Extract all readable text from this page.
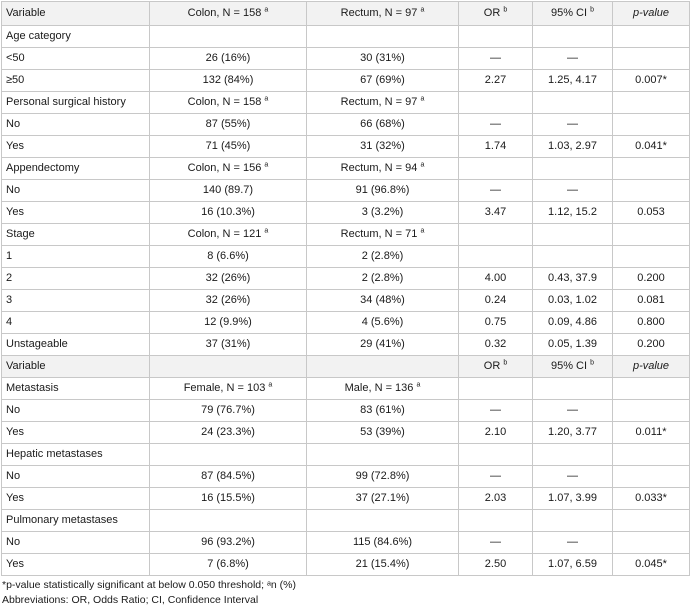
Variable	Colon, N = 158 $^a$	Rectum, N = 97 $^a$	OR $^b$	95% CI $^b$	p-value
Age category					
<50	26 (16%)	30 (31%)	—	—	
≥50	132 (84%)	67 (69%)	2.27	1.25, 4.17	0.007*
Personal surgical history	Colon, N = 158 $^a$	Rectum, N = 97 $^a$			
No	87 (55%)	66 (68%)	—	—	
Yes	71 (45%)	31 (32%)	1.74	1.03, 2.97	0.041*
Appendectomy	Colon, N = 156 $^a$	Rectum, N = 94 $^a$			
No	140 (89.7)	91 (96.8%)	—	—	
Yes	16 (10.3%)	3 (3.2%)	3.47	1.12, 15.2	0.053
Stage	Colon, N = 121 $^a$	Rectum, N = 71 $^a$			
1	8 (6.6%)	2 (2.8%)			
2	32 (26%)	2 (2.8%)	4.00	0.43, 37.9	0.200
3	32 (26%)	34 (48%)	0.24	0.03, 1.02	0.081
4	12 (9.9%)	4 (5.6%)	0.75	0.09, 4.86	0.800
Unstageable	37 (31%)	29 (41%)	0.32	0.05, 1.39	0.200
Variable			OR $^b$	95% CI $^b$	p-value
Metastasis	Female, N = 103 $^a$	Male, N = 136 $^a$			
No	79 (76.7%)	83 (61%)	—	—	
Yes	24 (23.3%)	53 (39%)	2.10	1.20, 3.77	0.011*
Hepatic metastases					
No	87 (84.5%)	99 (72.8%)	—	—	
Yes	16 (15.5%)	37 (27.1%)	2.03	1.07, 3.99	0.033*
Pulmonary metastases					
No	96 (93.2%)	115 (84.6%)	—	—	
Yes	7 (6.8%)	21 (15.4%)	2.50	1.07, 6.59	0.045*
*p-value statistically significant at below 0.050 threshold; ᵃn (%)
Abbreviations: OR, Odds Ratio; CI, Confidence Interval
